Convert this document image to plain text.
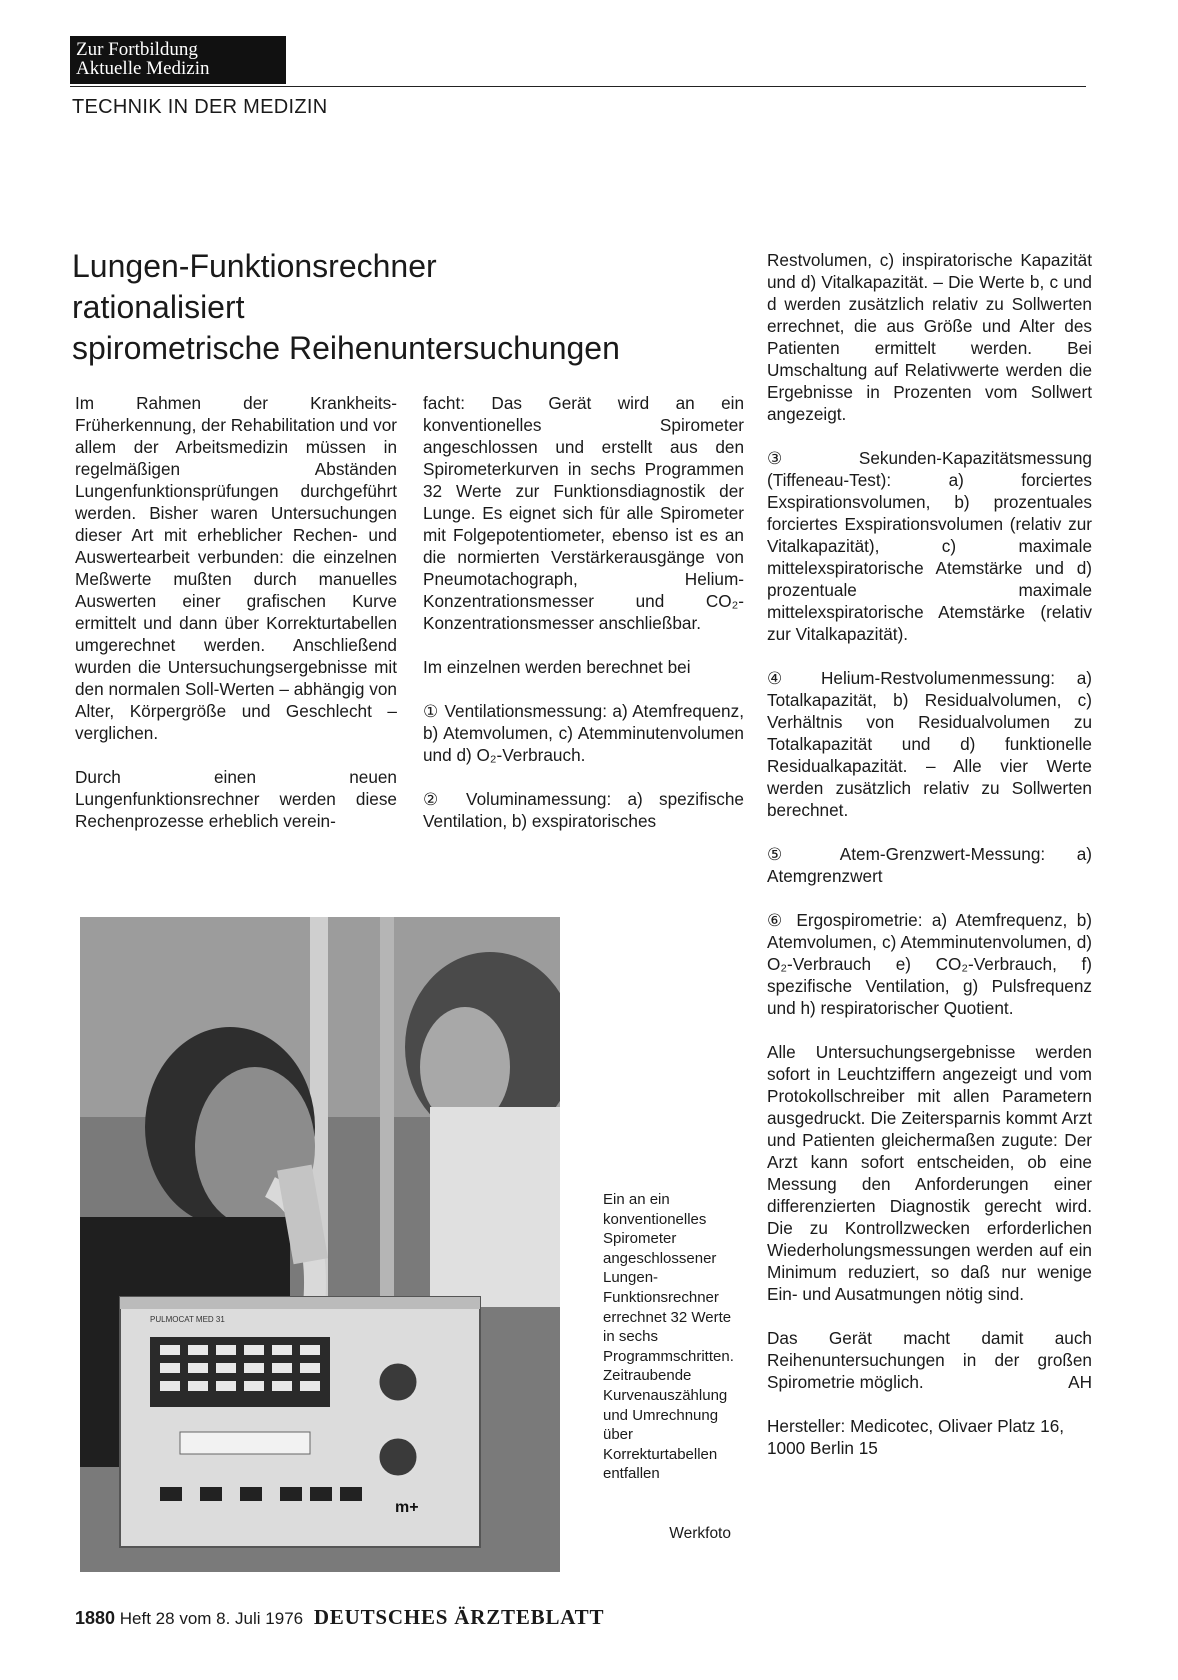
Zur Fortbildung
Aktuelle Medizin
TECHNIK IN DER MEDIZIN
Lungen-Funktionsrechner
rationalisiert
spirometrische Reihenuntersuchungen

Im Rahmen der Krankheits-Früherkennung, der Rehabilitation und vor allem der Arbeitsmedizin müssen in regelmäßigen Abständen Lungenfunktionsprüfungen durchgeführt werden. Bisher waren Untersuchungen dieser Art mit erheblicher Rechen- und Auswertearbeit verbunden: die einzelnen Meßwerte mußten durch manuelles Auswerten einer grafischen Kurve ermittelt und dann über Korrekturtabellen umgerechnet werden. Anschließend wurden die Untersuchungsergebnisse mit den normalen Soll-Werten – abhängig von Alter, Körpergröße und Geschlecht – verglichen.

Durch einen neuen Lungenfunktionsrechner werden diese Rechenprozesse erheblich verein-

facht: Das Gerät wird an ein konventionelles Spirometer angeschlossen und erstellt aus den Spirometerkurven in sechs Programmen 32 Werte zur Funktionsdiagnostik der Lunge. Es eignet sich für alle Spirometer mit Folgepotentiometer, ebenso ist es an die normierten Verstärkerausgänge von Pneumotachograph, Helium-Konzentrationsmesser und CO₂-Konzentrationsmesser anschließbar.

Im einzelnen werden berechnet bei

① Ventilationsmessung: a) Atemfrequenz, b) Atemvolumen, c) Atemminutenvolumen und d) O₂-Verbrauch.

② Voluminamessung: a) spezifische Ventilation, b) exspiratorisches

Restvolumen, c) inspiratorische Kapazität und d) Vitalkapazität. – Die Werte b, c und d werden zusätzlich relativ zu Sollwerten errechnet, die aus Größe und Alter des Patienten ermittelt werden. Bei Umschaltung auf Relativwerte werden die Ergebnisse in Prozenten vom Sollwert angezeigt.

③ Sekunden-Kapazitätsmessung (Tiffeneau-Test): a) forciertes Exspirationsvolumen, b) prozentuales forciertes Exspirationsvolumen (relativ zur Vitalkapazität), c) maximale mittelexspiratorische Atemstärke und d) prozentuale maximale mittelexspiratorische Atemstärke (relativ zur Vitalkapazität).

④ Helium-Restvolumenmessung: a) Totalkapazität, b) Residualvolumen, c) Verhältnis von Residualvolumen zu Totalkapazität und d) funktionelle Residualkapazität. – Alle vier Werte werden zusätzlich relativ zu Sollwerten berechnet.

⑤ Atem-Grenzwert-Messung: a) Atemgrenzwert

⑥ Ergospirometrie: a) Atemfrequenz, b) Atemvolumen, c) Atemminutenvolumen, d) O₂-Verbrauch e) CO₂-Verbrauch, f) spezifische Ventilation, g) Pulsfrequenz und h) respiratorischer Quotient.

Alle Untersuchungsergebnisse werden sofort in Leuchtziffern angezeigt und vom Protokollschreiber mit allen Parametern ausgedruckt. Die Zeitersparnis kommt Arzt und Patienten gleichermaßen zugute: Der Arzt kann sofort entscheiden, ob eine Messung den Anforderungen einer differenzierten Diagnostik gerecht wird. Die zu Kontrollzwecken erforderlichen Wiederholungsmessungen werden auf ein Minimum reduziert, so daß nur wenige Ein- und Ausatmungen nötig sind.

Das Gerät macht damit auch Reihenuntersuchungen in der großen Spirometrie möglich.	AH

Hersteller: Medicotec, Olivaer Platz 16, 1000 Berlin 15

PULMOCAT MED 31
m+
Ein an ein konventionelles Spirometer angeschlossener Lungen-Funktionsrechner errechnet 32 Werte in sechs Programmschritten. Zeitraubende Kurvenauszählung und Umrechnung über Korrekturtabellen entfallen
Werkfoto
1880 Heft 28 vom 8. Juli 1976 DEUTSCHES ÄRZTEBLATT
